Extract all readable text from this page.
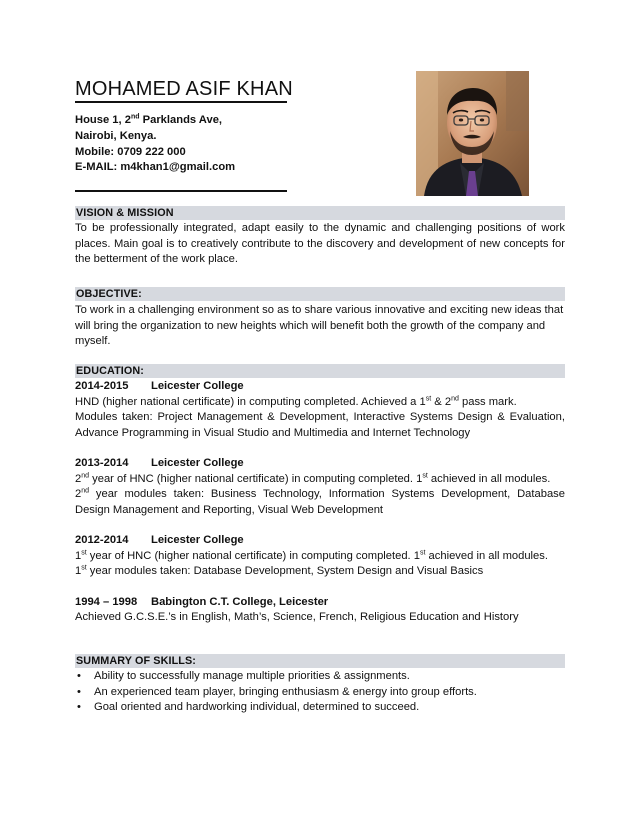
MOHAMED ASIF KHAN
House 1, 2nd Parklands Ave,
Nairobi, Kenya.
Mobile: 0709 222 000
E-MAIL: m4khan1@gmail.com
VISION & MISSION
To be professionally integrated, adapt easily to the dynamic and challenging positions of work places. Main goal is to creatively contribute to the discovery and development of new concepts for the betterment of the work place.
OBJECTIVE:
To work in a challenging environment so as to share various innovative and exciting new ideas that will bring the organization to new heights which will benefit both the growth of the company and myself.
EDUCATION:
2014-2015 Leicester College
HND (higher national certificate) in computing completed. Achieved a 1st & 2nd pass mark.
Modules taken: Project Management & Development, Interactive Systems Design & Evaluation, Advance Programming in Visual Studio and Multimedia and Internet Technology
2013-2014 Leicester College
2nd year of HNC (higher national certificate) in computing completed. 1st achieved in all modules.
2nd year modules taken: Business Technology, Information Systems Development, Database Design Management and Reporting, Visual Web Development
2012-2014 Leicester College
1st year of HNC (higher national certificate) in computing completed. 1st achieved in all modules.
1st year modules taken: Database Development, System Design and Visual Basics
1994 – 1998 Babington C.T. College, Leicester
Achieved G.C.S.E.’s in English, Math’s, Science, French, Religious Education and History
SUMMARY OF SKILLS:
• Ability to successfully manage multiple priorities & assignments.
• An experienced team player, bringing enthusiasm & energy into group efforts.
• Goal oriented and hardworking individual, determined to succeed.
